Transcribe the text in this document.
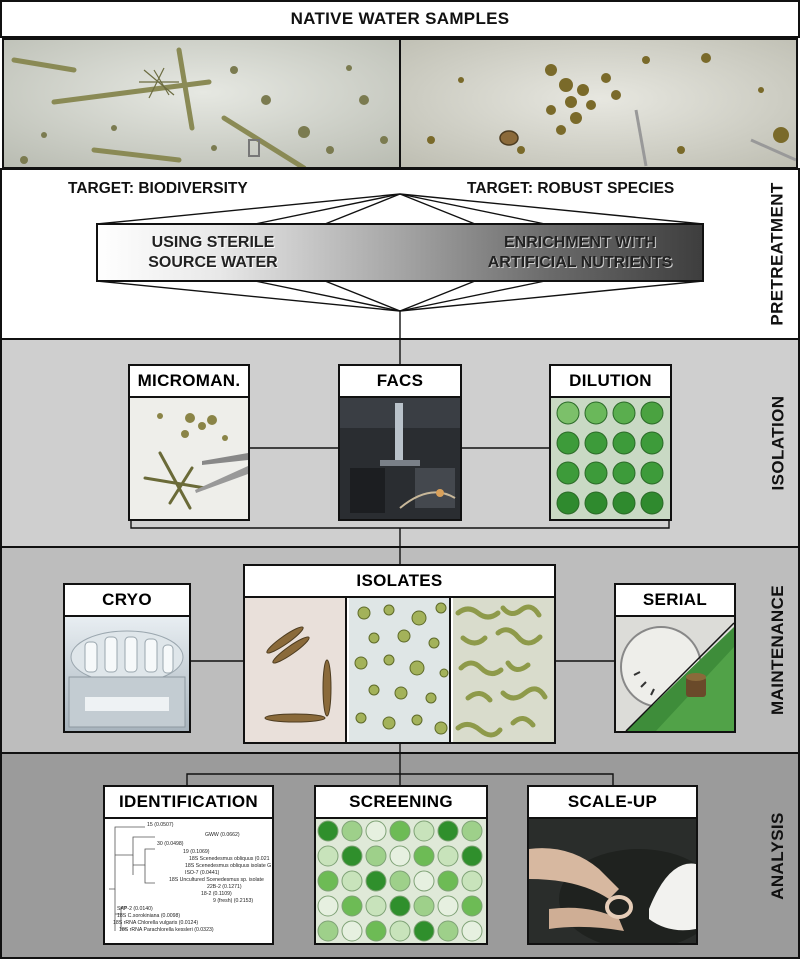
NATIVE WATER SAMPLES
TARGET: BIODIVERSITY	TARGET: ROBUST SPECIES
USING STERILE
SOURCE WATER
ENRICHMENT WITH
ARTIFICIAL NUTRIENTS	PRETREATMENT
MICROMAN.	FACS	DILUTION
ISOLATION
CRYO
ISOLATES
SERIAL	MAINTENANCE
IDENTIFICATION
15 (0.0507)
GWW (0.0662)
30 (0.0498)
19 (0.1069)
18S Scenedesmus obliquus (0.021
18S Scenedesmus obliquus isolate G
ISO-7 (0.0441)
18S Uncultured Scenedesmus sp. isolate
22B-2 (0.1271)
18-2 (0.1109)
9 (fresh) (0.2153)
SAP-2 (0.0140)
18S C.sorokiniana (0.0098)
18S rRNA Chlorella vulgaris (0.0124)
18S rRNA Parachlorella kessleri (0.0323)
SCREENING	SCALE-UP
ANALYSIS
